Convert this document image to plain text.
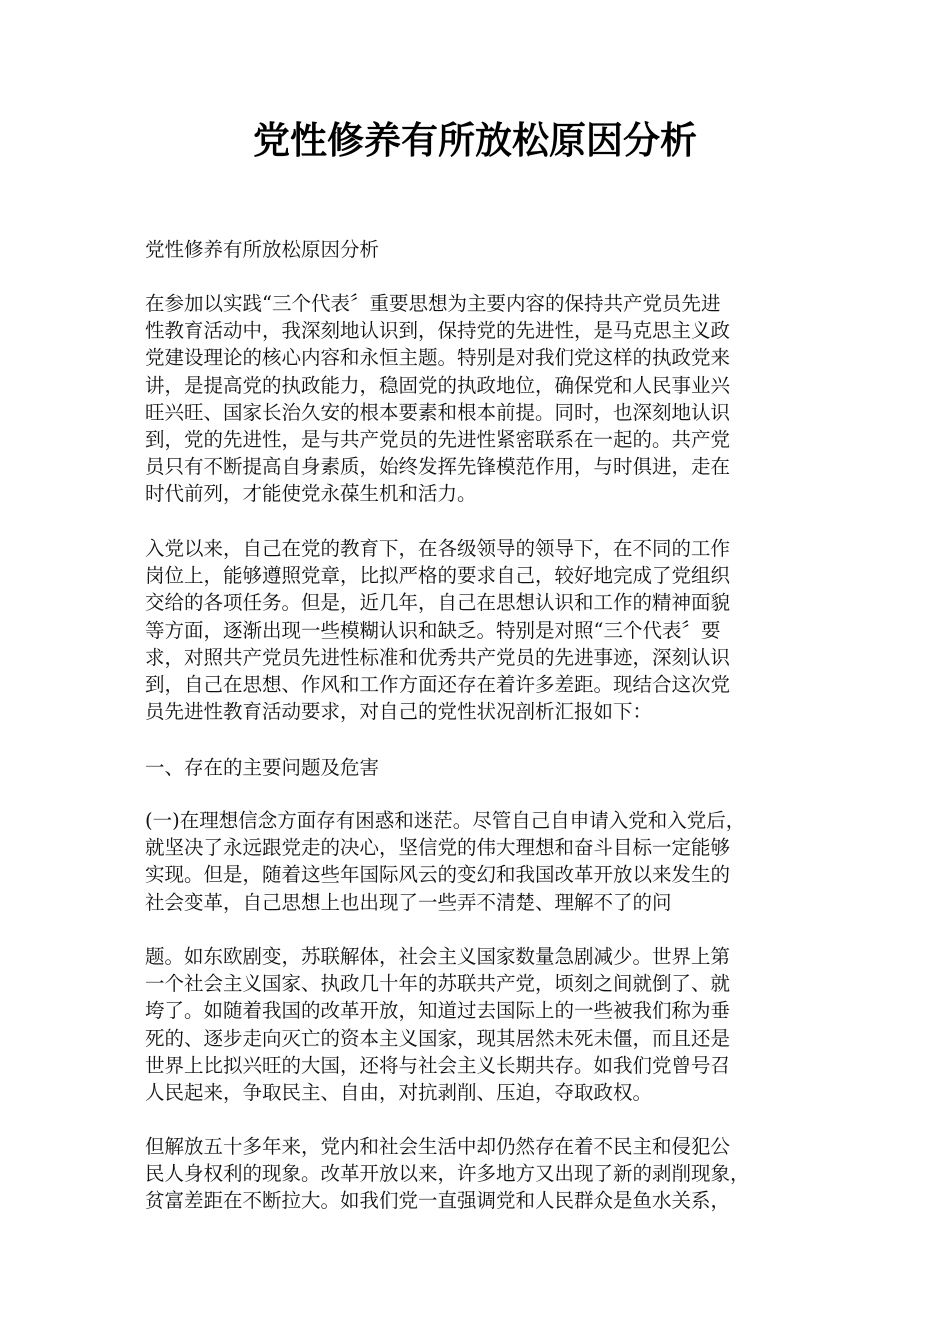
党性修养有所放松原因分析

党性修养有所放松原因分析

在参加以实践“三个代表〞重要思想为主要内容的保持共产党员先进
性教育活动中，我深刻地认识到，保持党的先进性，是马克思主义政
党建设理论的核心内容和永恒主题。特别是对我们党这样的执政党来
讲，是提高党的执政能力，稳固党的执政地位，确保党和人民事业兴
旺兴旺、国家长治久安的根本要素和根本前提。同时，也深刻地认识
到，党的先进性，是与共产党员的先进性紧密联系在一起的。共产党
员只有不断提高自身素质，始终发挥先锋模范作用，与时俱进，走在
时代前列，才能使党永葆生机和活力。

入党以来，自己在党的教育下，在各级领导的领导下，在不同的工作
岗位上，能够遵照党章，比拟严格的要求自己，较好地完成了党组织
交给的各项任务。但是，近几年，自己在思想认识和工作的精神面貌
等方面，逐渐出现一些模糊认识和缺乏。特别是对照“三个代表〞要
求，对照共产党员先进性标准和优秀共产党员的先进事迹，深刻认识
到，自己在思想、作风和工作方面还存在着许多差距。现结合这次党
员先进性教育活动要求，对自己的党性状况剖析汇报如下：

一、存在的主要问题及危害

(一)在理想信念方面存有困惑和迷茫。尽管自己自申请入党和入党后，
就坚决了永远跟党走的决心，坚信党的伟大理想和奋斗目标一定能够
实现。但是，随着这些年国际风云的变幻和我国改革开放以来发生的
社会变革，自己思想上也出现了一些弄不清楚、理解不了的问

题。如东欧剧变，苏联解体，社会主义国家数量急剧减少。世界上第
一个社会主义国家、执政几十年的苏联共产党，顷刻之间就倒了、就
垮了。如随着我国的改革开放，知道过去国际上的一些被我们称为垂
死的、逐步走向灭亡的资本主义国家，现其居然未死未僵，而且还是
世界上比拟兴旺的大国，还将与社会主义长期共存。如我们党曾号召
人民起来，争取民主、自由，对抗剥削、压迫，夺取政权。

但解放五十多年来，党内和社会生活中却仍然存在着不民主和侵犯公
民人身权利的现象。改革开放以来，许多地方又出现了新的剥削现象，
贫富差距在不断拉大。如我们党一直强调党和人民群众是鱼水关系，
